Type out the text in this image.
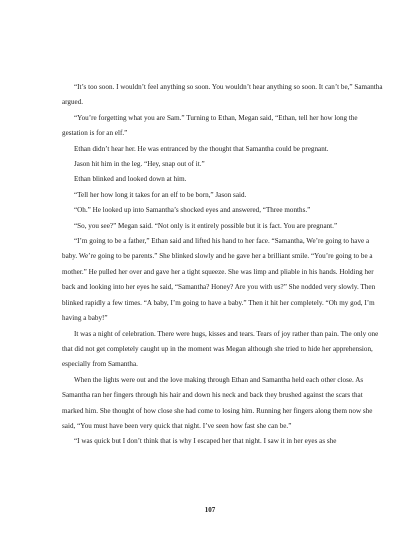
“It’s too soon. I wouldn’t feel anything so soon. You wouldn’t hear anything so soon. It can’t be,” Samantha argued.

“You’re forgetting what you are Sam.” Turning to Ethan, Megan said, “Ethan, tell her how long the gestation is for an elf.”

Ethan didn’t hear her. He was entranced by the thought that Samantha could be pregnant.

Jason hit him in the leg. “Hey, snap out of it.”

Ethan blinked and looked down at him.

“Tell her how long it takes for an elf to be born,” Jason said.

“Oh.” He looked up into Samantha’s shocked eyes and answered, “Three months.”

“So, you see?” Megan said. “Not only is it entirely possible but it is fact. You are pregnant.”

“I’m going to be a father,” Ethan said and lifted his hand to her face. “Samantha, We’re going to have a baby. We’re going to be parents.” She blinked slowly and he gave her a brilliant smile. “You’re going to be a mother.” He pulled her over and gave her a tight squeeze. She was limp and pliable in his hands. Holding her back and looking into her eyes he said, “Samantha? Honey? Are you with us?” She nodded very slowly. Then blinked rapidly a few times. “A baby, I’m going to have a baby.” Then it hit her completely. “Oh my god, I’m having a baby!”

It was a night of celebration. There were hugs, kisses and tears. Tears of joy rather than pain. The only one that did not get completely caught up in the moment was Megan although she tried to hide her apprehension, especially from Samantha.

When the lights were out and the love making through Ethan and Samantha held each other close. As Samantha ran her fingers through his hair and down his neck and back they brushed against the scars that marked him. She thought of how close she had come to losing him. Running her fingers along them now she said, “You must have been very quick that night. I’ve seen how fast she can be.”

“I was quick but I don’t think that is why I escaped her that night. I saw it in her eyes as she

107
